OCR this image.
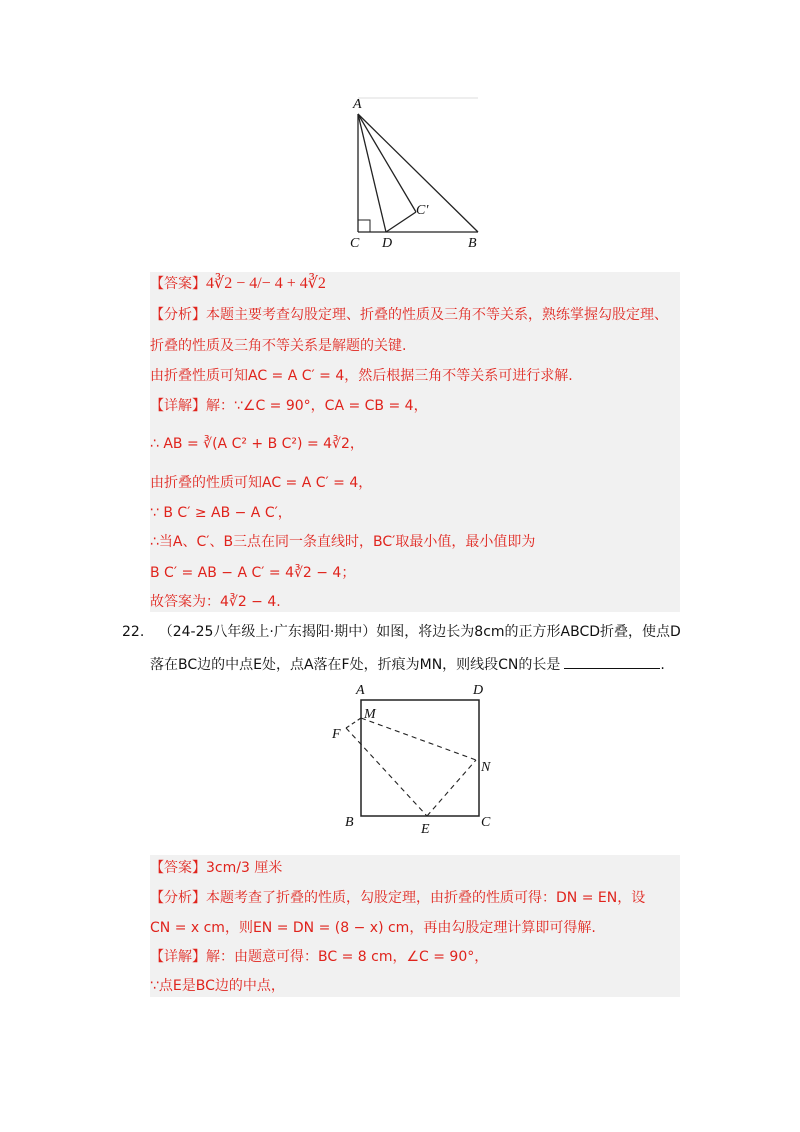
A
C D	B
C′
【答案】4∛2 − 4/− 4 + 4∛2
【分析】本题主要考查勾股定理、折叠的性质及三角不等关系，熟练掌握勾股定理、
折叠的性质及三角不等关系是解题的关键.
由折叠性质可知AC = A C′ = 4，然后根据三角不等关系可进行求解.
【详解】解：∵∠C = 90°，CA = CB = 4，
∴ AB = ∛(A C² + B C²) = 4∛2，
由折叠的性质可知AC = A C′ = 4，
∵ B C′ ≥ AB − A C′，
∴当A、C′、B三点在同一条直线时，BC′取最小值，最小值即为
B C′ = AB − A C′ = 4∛2 − 4；
故答案为：4∛2 − 4.
22. （24-25八年级上·广东揭阳·期中）如图，将边长为8cm的正方形ABCD折叠，使点D
落在BC边的中点E处，点A落在F处，折痕为MN，则线段CN的长是	.
A	D
M
F
N
B	E	C
【答案】3cm/3 厘米
【分析】本题考查了折叠的性质，勾股定理，由折叠的性质可得：DN = EN，设
CN = x cm，则EN = DN = (8 − x) cm，再由勾股定理计算即可得解.
【详解】解：由题意可得：BC = 8 cm，∠C = 90°，
∵点E是BC边的中点，
